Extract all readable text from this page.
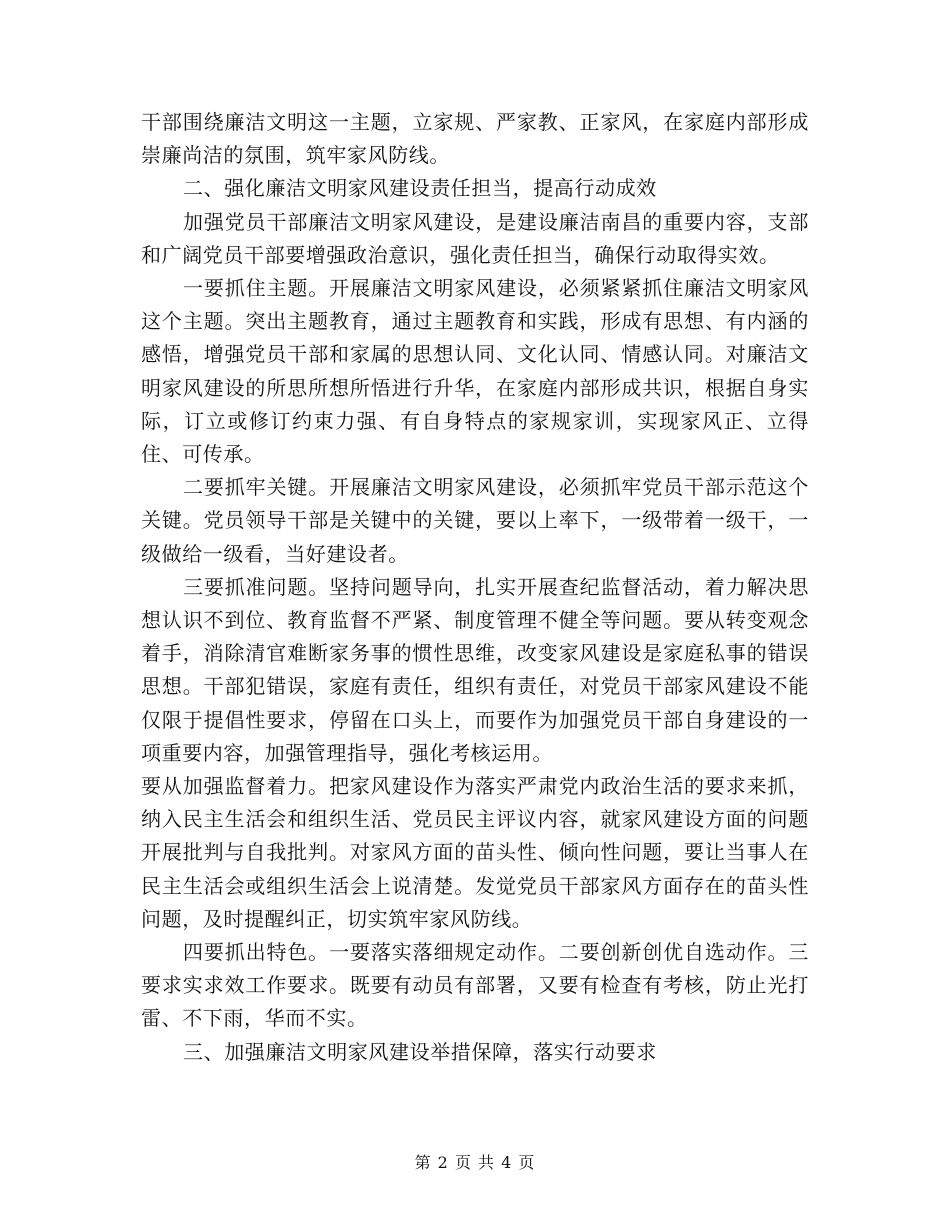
干部围绕廉洁文明这一主题，立家规、严家教、正家风，在家庭内部形成崇廉尚洁的氛围，筑牢家风防线。

二、强化廉洁文明家风建设责任担当，提高行动成效

加强党员干部廉洁文明家风建设，是建设廉洁南昌的重要内容，支部和广阔党员干部要增强政治意识，强化责任担当，确保行动取得实效。

一要抓住主题。开展廉洁文明家风建设，必须紧紧抓住廉洁文明家风这个主题。突出主题教育，通过主题教育和实践，形成有思想、有内涵的感悟，增强党员干部和家属的思想认同、文化认同、情感认同。对廉洁文明家风建设的所思所想所悟进行升华，在家庭内部形成共识，根据自身实际，订立或修订约束力强、有自身特点的家规家训，实现家风正、立得住、可传承。

二要抓牢关键。开展廉洁文明家风建设，必须抓牢党员干部示范这个关键。党员领导干部是关键中的关键，要以上率下，一级带着一级干，一级做给一级看，当好建设者。

三要抓准问题。坚持问题导向，扎实开展查纪监督活动，着力解决思想认识不到位、教育监督不严紧、制度管理不健全等问题。要从转变观念着手，消除清官难断家务事的惯性思维，改变家风建设是家庭私事的错误思想。干部犯错误，家庭有责任，组织有责任，对党员干部家风建设不能仅限于提倡性要求，停留在口头上，而要作为加强党员干部自身建设的一项重要内容，加强管理指导，强化考核运用。

要从加强监督着力。把家风建设作为落实严肃党内政治生活的要求来抓，纳入民主生活会和组织生活、党员民主评议内容，就家风建设方面的问题开展批判与自我批判。对家风方面的苗头性、倾向性问题，要让当事人在民主生活会或组织生活会上说清楚。发觉党员干部家风方面存在的苗头性问题，及时提醒纠正，切实筑牢家风防线。

四要抓出特色。一要落实落细规定动作。二要创新创优自选动作。三要求实求效工作要求。既要有动员有部署，又要有检查有考核，防止光打雷、不下雨，华而不实。

三、加强廉洁文明家风建设举措保障，落实行动要求

第 2 页 共 4 页
